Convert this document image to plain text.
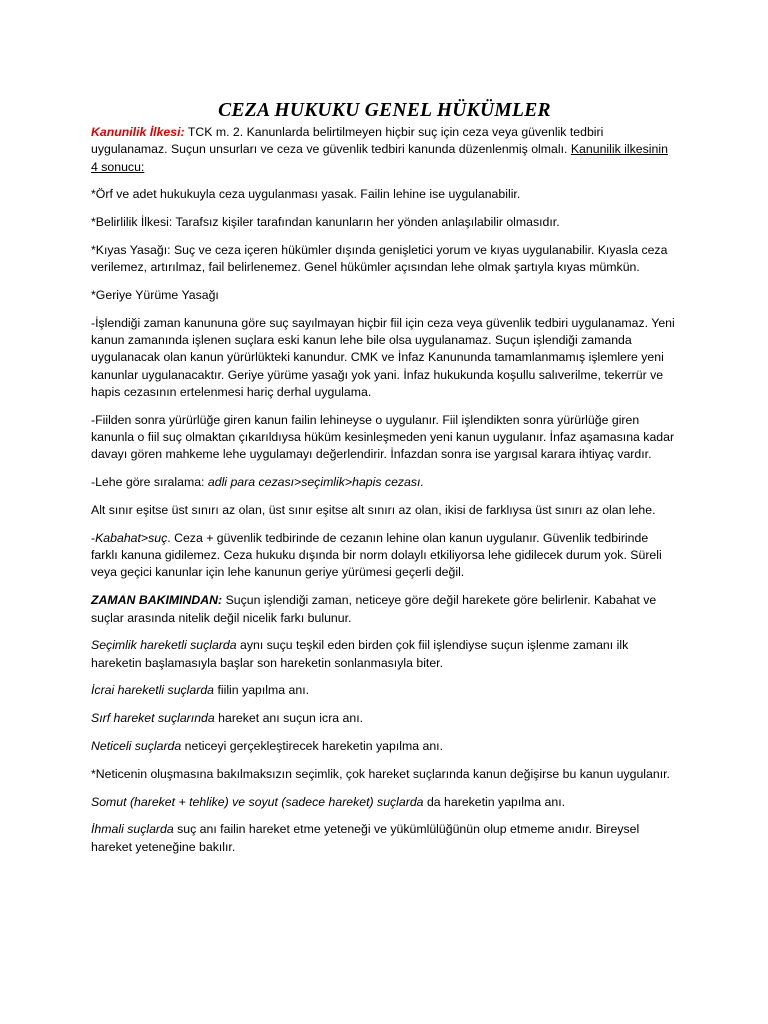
CEZA HUKUKU GENEL HÜKÜMLER

Kanunilik İlkesi: TCK m. 2. Kanunlarda belirtilmeyen hiçbir suç için ceza veya güvenlik tedbiri uygulanamaz. Suçun unsurları ve ceza ve güvenlik tedbiri kanunda düzenlenmiş olmalı. Kanunilik ilkesinin 4 sonucu:

*Örf ve adet hukukuyla ceza uygulanması yasak. Failin lehine ise uygulanabilir.

*Belirlilik İlkesi: Tarafsız kişiler tarafından kanunların her yönden anlaşılabilir olmasıdır.

*Kıyas Yasağı: Suç ve ceza içeren hükümler dışında genişletici yorum ve kıyas uygulanabilir. Kıyasla ceza verilemez, artırılmaz, fail belirlenemez. Genel hükümler açısından lehe olmak şartıyla kıyas mümkün.

*Geriye Yürüme Yasağı

-İşlendiği zaman kanununa göre suç sayılmayan hiçbir fiil için ceza veya güvenlik tedbiri uygulanamaz. Yeni kanun zamanında işlenen suçlara eski kanun lehe bile olsa uygulanamaz. Suçun işlendiği zamanda uygulanacak olan kanun yürürlükteki kanundur. CMK ve İnfaz Kanununda tamamlanmamış işlemlere yeni kanunlar uygulanacaktır. Geriye yürüme yasağı yok yani. İnfaz hukukunda koşullu salıverilme, tekerrür ve hapis cezasının ertelenmesi hariç derhal uygulama.

-Fiilden sonra yürürlüğe giren kanun failin lehineyse o uygulanır. Fiil işlendikten sonra yürürlüğe giren kanunla o fiil suç olmaktan çıkarıldıysa hüküm kesinleşmeden yeni kanun uygulanır. İnfaz aşamasına kadar davayı gören mahkeme lehe uygulamayı değerlendirir. İnfazdan sonra ise yargısal karara ihtiyaç vardır.

-Lehe göre sıralama: adli para cezası>seçimlik>hapis cezası.

Alt sınır eşitse üst sınırı az olan, üst sınır eşitse alt sınırı az olan, ikisi de farklıysa üst sınırı az olan lehe.

-Kabahat>suç. Ceza + güvenlik tedbirinde de cezanın lehine olan kanun uygulanır. Güvenlik tedbirinde farklı kanuna gidilemez. Ceza hukuku dışında bir norm dolaylı etkiliyorsa lehe gidilecek durum yok. Süreli veya geçici kanunlar için lehe kanunun geriye yürümesi geçerli değil.

ZAMAN BAKIMINDAN: Suçun işlendiği zaman, neticeye göre değil harekete göre belirlenir. Kabahat ve suçlar arasında nitelik değil nicelik farkı bulunur.

Seçimlik hareketli suçlarda aynı suçu teşkil eden birden çok fiil işlendiyse suçun işlenme zamanı ilk hareketin başlamasıyla başlar son hareketin sonlanmasıyla biter.

İcrai hareketli suçlarda fiilin yapılma anı.

Sırf hareket suçlarında hareket anı suçun icra anı.

Neticeli suçlarda neticeyi gerçekleştirecek hareketin yapılma anı.

*Neticenin oluşmasına bakılmaksızın seçimlik, çok hareket suçlarında kanun değişirse bu kanun uygulanır.

Somut (hareket + tehlike) ve soyut (sadece hareket) suçlarda da hareketin yapılma anı.

İhmali suçlarda suç anı failin hareket etme yeteneği ve yükümlülüğünün olup etmeme anıdır. Bireysel hareket yeteneğine bakılır.
